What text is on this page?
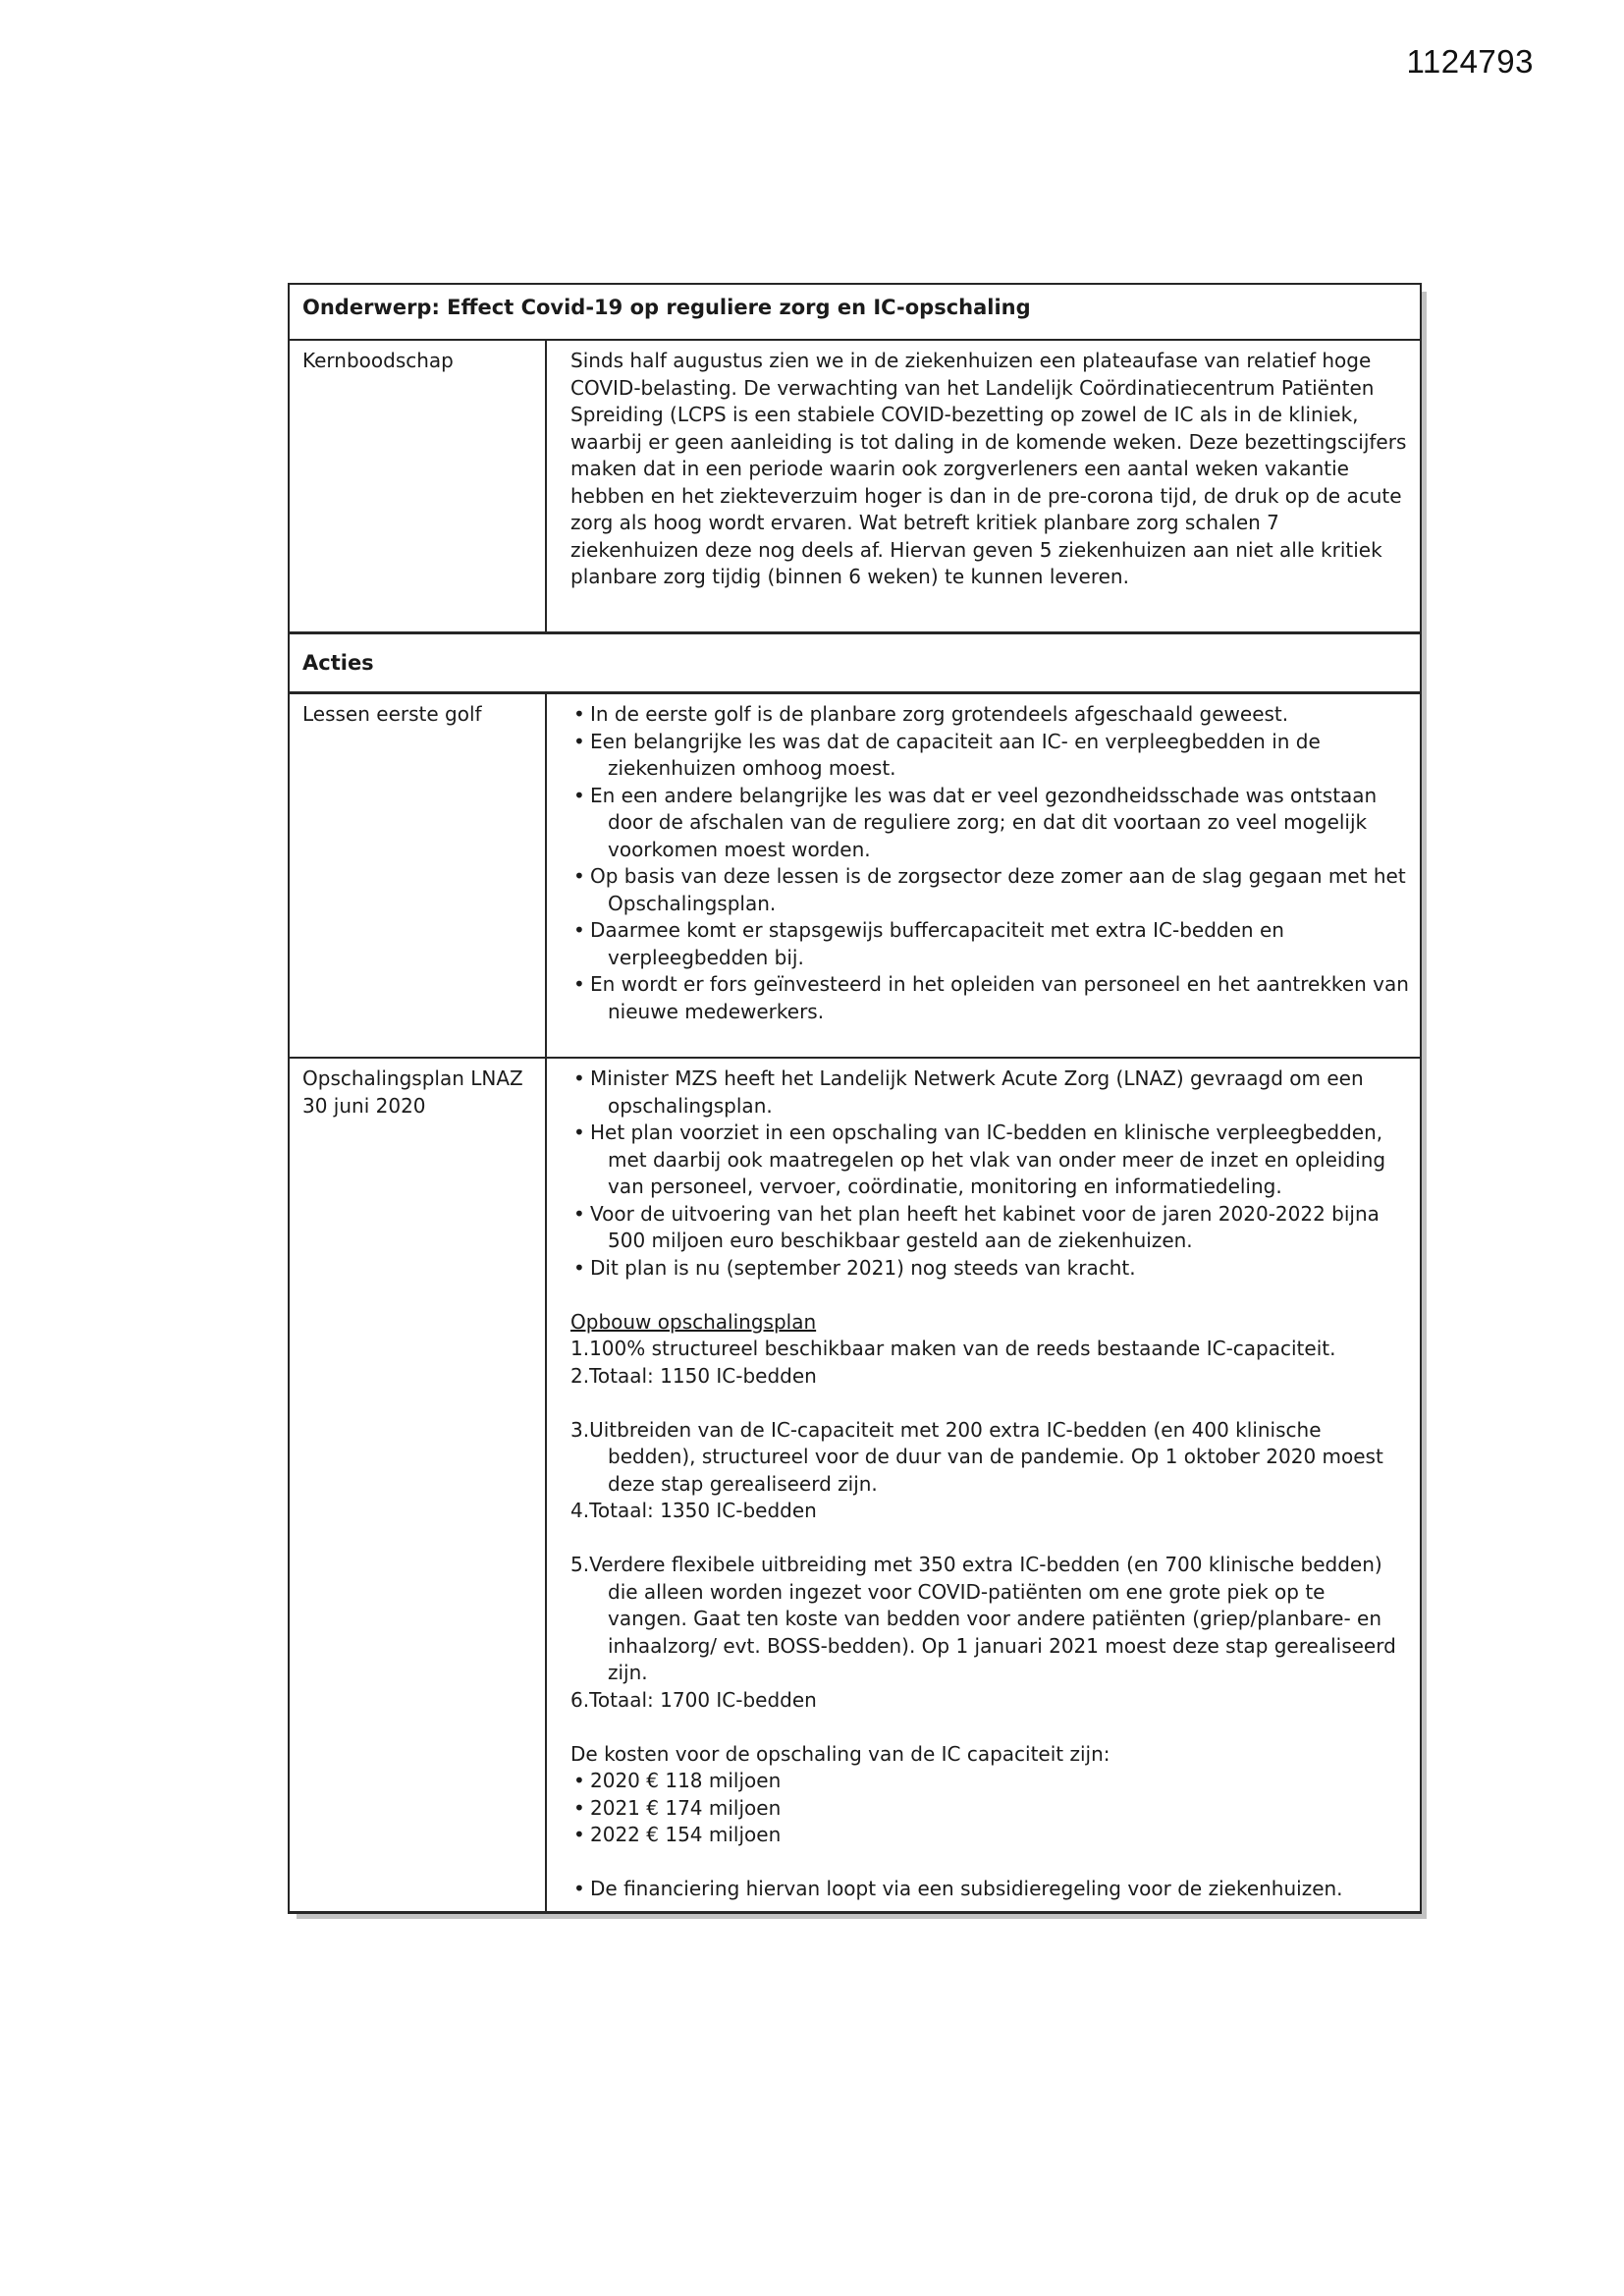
1124793
Onderwerp: Effect Covid-19 op reguliere zorg en IC-opschaling
Kernboodschap	Sinds half augustus zien we in de ziekenhuizen een plateaufase van relatief hoge COVID-belasting. De verwachting van het Landelijk Coördinatiecentrum Patiënten Spreiding (LCPS is een stabiele COVID-bezetting op zowel de IC als in de kliniek, waarbij er geen aanleiding is tot daling in de komende weken. Deze bezettingscijfers maken dat in een periode waarin ook zorgverleners een aantal weken vakantie hebben en het ziekteverzuim hoger is dan in de pre-corona tijd, de druk op de acute zorg als hoog wordt ervaren. Wat betreft kritiek planbare zorg schalen 7 ziekenhuizen deze nog deels af. Hiervan geven 5 ziekenhuizen aan niet alle kritiek planbare zorg tijdig (binnen 6 weken) te kunnen leveren.

Acties
Lessen eerste golf	• In de eerste golf is de planbare zorg grotendeels afgeschaald geweest.
• Een belangrijke les was dat de capaciteit aan IC- en verpleegbedden in de ziekenhuizen omhoog moest.
• En een andere belangrijke les was dat er veel gezondheidsschade was ontstaan door de afschalen van de reguliere zorg; en dat dit voortaan zo veel mogelijk voorkomen moest worden.
• Op basis van deze lessen is de zorgsector deze zomer aan de slag gegaan met het Opschalingsplan.
• Daarmee komt er stapsgewijs buffercapaciteit met extra IC-bedden en verpleegbedden bij.
• En wordt er fors geïnvesteerd in het opleiden van personeel en het aantrekken van nieuwe medewerkers.
Opschalingsplan LNAZ 30 juni 2020
• Minister MZS heeft het Landelijk Netwerk Acute Zorg (LNAZ) gevraagd om een opschalingsplan.
• Het plan voorziet in een opschaling van IC-bedden en klinische verpleegbedden, met daarbij ook maatregelen op het vlak van onder meer de inzet en opleiding van personeel, vervoer, coördinatie, monitoring en informatiedeling.
• Voor de uitvoering van het plan heeft het kabinet voor de jaren 2020-2022 bijna 500 miljoen euro beschikbaar gesteld aan de ziekenhuizen.
• Dit plan is nu (september 2021) nog steeds van kracht.

Opbouw opschalingsplan

1.100% structureel beschikbaar maken van de reeds bestaande IC-capaciteit.
2.Totaal: 1150 IC-bedden
3.Uitbreiden van de IC-capaciteit met 200 extra IC-bedden (en 400 klinische bedden), structureel voor de duur van de pandemie. Op 1 oktober 2020 moest deze stap gerealiseerd zijn.
4.Totaal: 1350 IC-bedden
5.Verdere flexibele uitbreiding met 350 extra IC-bedden (en 700 klinische bedden) die alleen worden ingezet voor COVID-patiënten om ene grote piek op te vangen. Gaat ten koste van bedden voor andere patiënten (griep/planbare- en inhaalzorg/ evt. BOSS-bedden). Op 1 januari 2021 moest deze stap gerealiseerd zijn.
6.Totaal: 1700 IC-bedden

De kosten voor de opschaling van de IC capaciteit zijn:

• 2020 € 118 miljoen
• 2021 € 174 miljoen
• 2022 € 154 miljoen
• De financiering hiervan loopt via een subsidieregeling voor de ziekenhuizen.
